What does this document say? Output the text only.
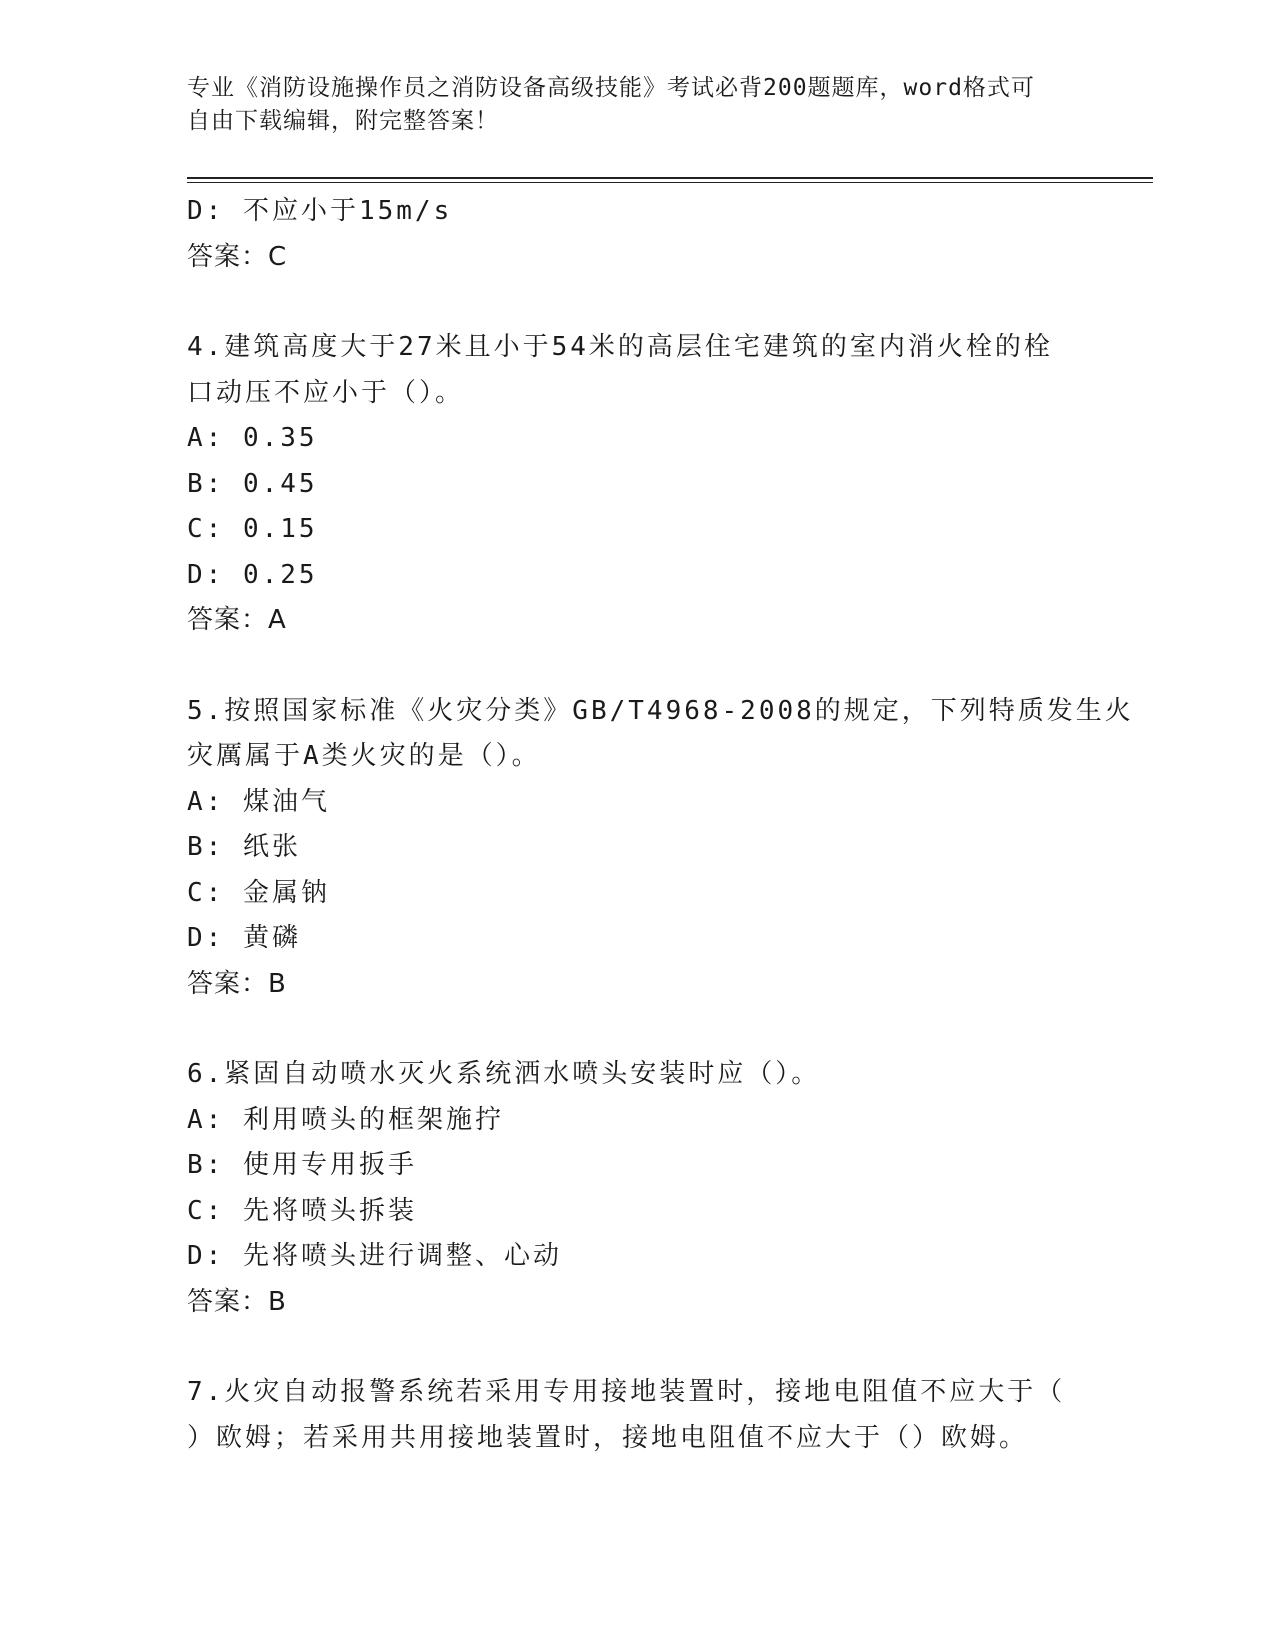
专业《消防设施操作员之消防设备高级技能》考试必背200题题库，word格式可
自由下载编辑，附完整答案！
D: 不应小于15m/s
答案：C
4.建筑高度大于27米且小于54米的高层住宅建筑的室内消火栓的栓
口动压不应小于（）。
A: 0.35
B: 0.45
C: 0.15
D: 0.25
答案：A
5.按照国家标准《火灾分类》GB/T4968-2008的规定，下列特质发生火
灾厲属于A类火灾的是（）。
A: 煤油气
B: 纸张
C: 金属钠
D: 黄磷
答案：B
6.紧固自动喷水灭火系统洒水喷头安装时应（）。
A: 利用喷头的框架施拧
B: 使用专用扳手
C: 先将喷头拆装
D: 先将喷头进行调整、心动
答案：B
7.火灾自动报警系统若采用专用接地装置时，接地电阻值不应大于（
）欧姆；若采用共用接地装置时，接地电阻值不应大于（）欧姆。
